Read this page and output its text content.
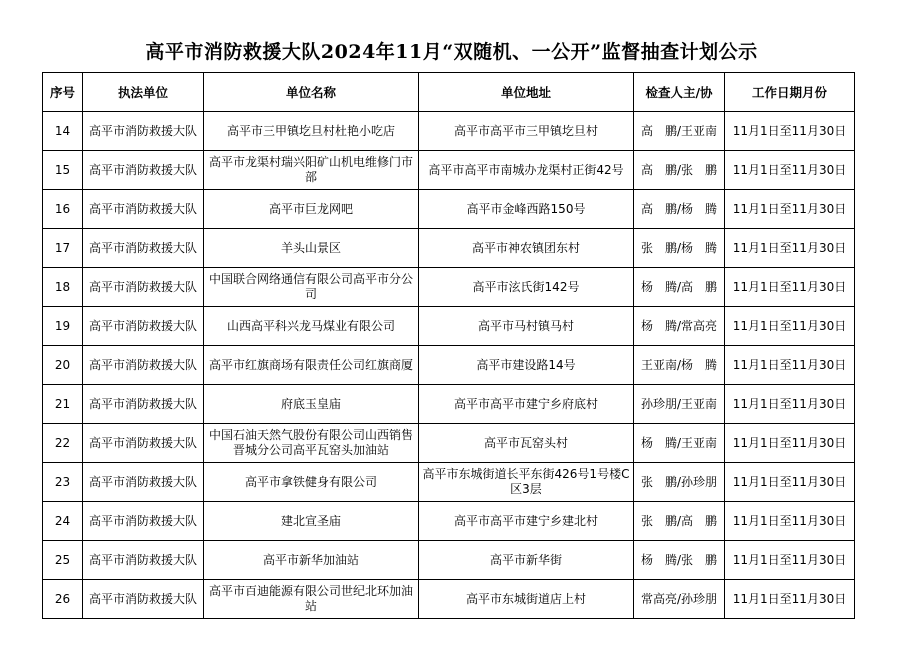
高平市消防救援大队2024年11月“双随机、一公开”监督抽查计划公示
序号	执法单位	单位名称	单位地址	检查人主/协	工作日期月份
14	高平市消防救援大队	高平市三甲镇圪旦村杜艳小吃店	高平市高平市三甲镇圪旦村	高　鹏/王亚南	11月1日至11月30日
15	高平市消防救援大队	高平市龙渠村瑞兴阳矿山机电维修门市部	高平市高平市南城办龙渠村正街42号	高　鹏/张　鹏	11月1日至11月30日
16	高平市消防救援大队	高平市巨龙网吧	高平市金峰西路150号	高　鹏/杨　腾	11月1日至11月30日
17	高平市消防救援大队	羊头山景区	高平市神农镇团东村	张　鹏/杨　腾	11月1日至11月30日
18	高平市消防救援大队	中国联合网络通信有限公司高平市分公司	高平市泫氏街142号	杨　腾/高　鹏	11月1日至11月30日
19	高平市消防救援大队	山西高平科兴龙马煤业有限公司	高平市马村镇马村	杨　腾/常高亮	11月1日至11月30日
20	高平市消防救援大队	高平市红旗商场有限责任公司红旗商厦	高平市建设路14号	王亚南/杨　腾	11月1日至11月30日
21	高平市消防救援大队	府底玉皇庙	高平市高平市建宁乡府底村	孙珍朋/王亚南	11月1日至11月30日
22	高平市消防救援大队	中国石油天然气股份有限公司山西销售晋城分公司高平瓦窑头加油站	高平市瓦窑头村	杨　腾/王亚南	11月1日至11月30日
23	高平市消防救援大队	高平市拿铁健身有限公司	高平市东城街道长平东街426号1号楼C区3层	张　鹏/孙珍朋	11月1日至11月30日
24	高平市消防救援大队	建北宣圣庙	高平市高平市建宁乡建北村	张　鹏/高　鹏	11月1日至11月30日
25	高平市消防救援大队	高平市新华加油站	高平市新华街	杨　腾/张　鹏	11月1日至11月30日
26	高平市消防救援大队	高平市百迪能源有限公司世纪北环加油站	高平市东城街道店上村	常高亮/孙珍朋	11月1日至11月30日
